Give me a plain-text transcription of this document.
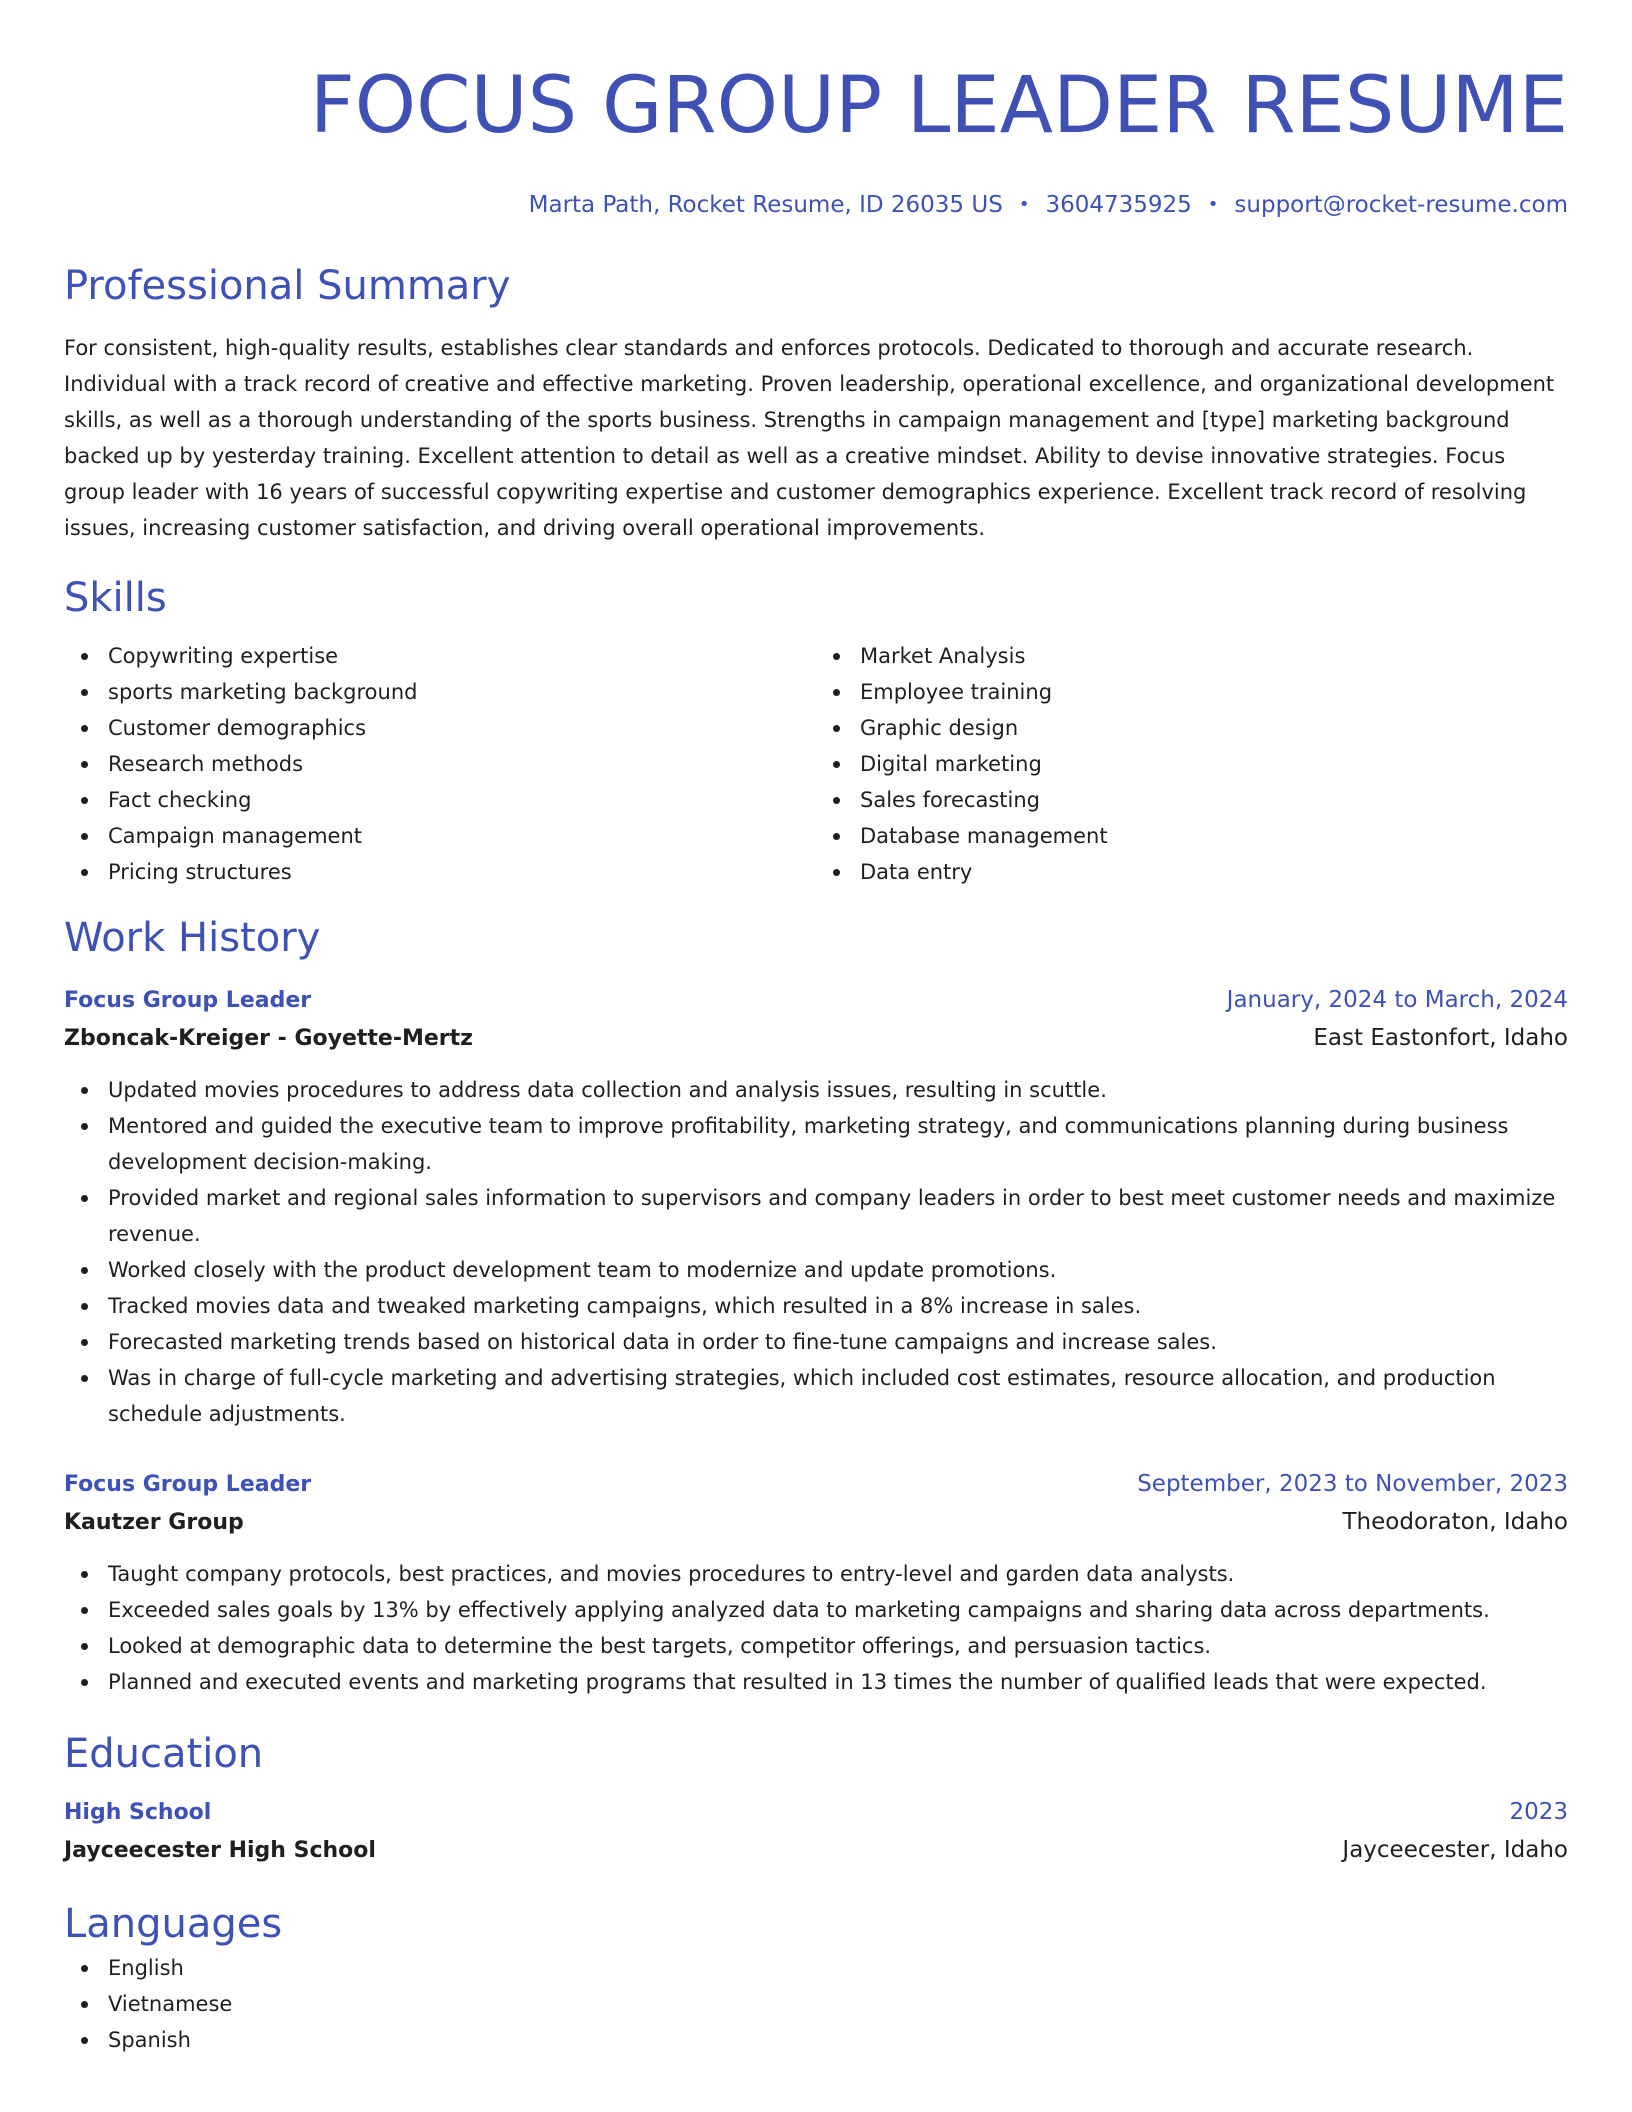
FOCUS GROUP LEADER RESUME
Marta Path, Rocket Resume, ID 26035 US • 3604735925 • support@rocket-resume.com
Professional Summary

For consistent, high-quality results, establishes clear standards and enforces protocols. Dedicated to thorough and accurate research. Individual with a track record of creative and effective marketing. Proven leadership, operational excellence, and organizational development skills, as well as a thorough understanding of the sports business. Strengths in campaign management and [type] marketing background backed up by yesterday training. Excellent attention to detail as well as a creative mindset. Ability to devise innovative strategies. Focus group leader with 16 years of successful copywriting expertise and customer demographics experience. Excellent track record of resolving issues, increasing customer satisfaction, and driving overall operational improvements.

Skills
Copywriting expertise
sports marketing background
Customer demographics
Research methods
Fact checking
Campaign management
Pricing structures
Market Analysis
Employee training
Graphic design
Digital marketing
Sales forecasting
Database management
Data entry
Work History
Focus Group Leader	January, 2024 to March, 2024
Zboncak-Kreiger - Goyette-Mertz	East Eastonfort, Idaho
Updated movies procedures to address data collection and analysis issues, resulting in scuttle.
Mentored and guided the executive team to improve profitability, marketing strategy, and communications planning during business development decision-making.
Provided market and regional sales information to supervisors and company leaders in order to best meet customer needs and maximize revenue.
Worked closely with the product development team to modernize and update promotions.
Tracked movies data and tweaked marketing campaigns, which resulted in a 8% increase in sales.
Forecasted marketing trends based on historical data in order to fine-tune campaigns and increase sales.
Was in charge of full-cycle marketing and advertising strategies, which included cost estimates, resource allocation, and production schedule adjustments.
Focus Group Leader	September, 2023 to November, 2023
Kautzer Group	Theodoraton, Idaho
Taught company protocols, best practices, and movies procedures to entry-level and garden data analysts.
Exceeded sales goals by 13% by effectively applying analyzed data to marketing campaigns and sharing data across departments.
Looked at demographic data to determine the best targets, competitor offerings, and persuasion tactics.
Planned and executed events and marketing programs that resulted in 13 times the number of qualified leads that were expected.
Education
High School	2023
Jayceecester High School	Jayceecester, Idaho
Languages
English
Vietnamese
Spanish
